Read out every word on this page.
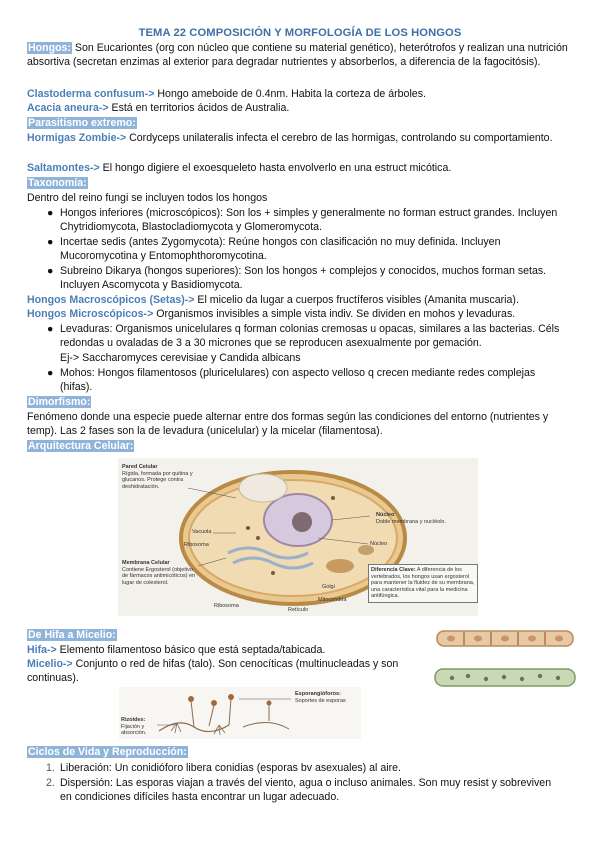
TEMA 22 COMPOSICIÓN Y MORFOLOGÍA DE LOS HONGOS
Hongos: Son Eucariontes (org con núcleo que contiene su material genético), heterótrofos y realizan una nutrición absortiva (secretan enzimas al exterior para degradar nutrientes y absorberlos, a diferencia de la fagocitósis).
Clastoderma confusum-> Hongo ameboide de 0.4nm. Habita la corteza de árboles.
Acacia aneura-> Está en territorios ácidos de Australia.
Parasitismo extremo:
Hormigas Zombie-> Cordyceps unilateralis infecta el cerebro de las hormigas, controlando su comportamiento.
Saltamontes-> El hongo digiere el exoesqueleto hasta envolverlo en una estruct micótica.
Taxonomía:
Dentro del reino fungi se incluyen todos los hongos
● Hongos inferiores (microscópicos): Son los + simples y generalmente no forman estruct grandes. Incluyen Chytridiomycota, Blastocladiomycota y Glomeromycota.
● Incertae sedis (antes Zygomycota): Reúne hongos con clasificación no muy definida. Incluyen Mucoromycotina y Entomophthoromycotina.
● Subreino Dikarya (hongos superiores): Son los hongos + complejos y conocidos, muchos forman setas. Incluyen Ascomycota y Basidiomycota.
Hongos Macroscópicos (Setas)-> El micelio da lugar a cuerpos fructíferos visibles (Amanita muscaria).
Hongos Microscópicos-> Organismos invisibles a simple vista indiv. Se dividen en mohos y levaduras.
● Levaduras: Organismos unicelulares q forman colonias cremosas u opacas, similares a las bacterias. Céls redondas u ovaladas de 3 a 30 micrones que se reproducen asexualmente por gemación.
Ej-> Saccharomyces cerevisiae y Candida albicans
● Mohos: Hongos filamentosos (pluricelulares) con aspecto velloso q crecen mediante redes complejas (hifas).
Dimorfismo:
Fenómeno donde una especie puede alternar entre dos formas según las condiciones del entorno (nutrientes y temp). Las 2 fases son la de levadura (unicelular) y la micelar (filamentosa).
Arquitectura Celular:
Pared Celular
Rígida, formada por quitina y glucanos. Protege contra deshidratación.
Vacuola
Ribosoma
Membrana Celular
Contiene Ergosterol (objetivo de fármacos antimicóticos) en lugar de colesterol.
Ribosoma
Retículo
Golgi
Mitocondria
Núcleo
Doble membrana y nucléolo.
Núcleo
Diferencia Clave: A diferencia de los vertebrados, los hongos usan ergosterol para mantener la fluidez de su membrana, una característica vital para la medicina antifúngica.
De Hifa a Micelio:
Hifa-> Elemento filamentoso básico que está septada/tabicada.
Micelio-> Conjunto o red de hifas (talo). Son cenocíticas (multinucleadas y son continuas).
Rizoides: Fijación y absorción.
Esporangióforos:
Soportes de esporas
Ciclos de Vida y Reproducción:
1. Liberación: Un conidióforo libera conidias (esporas bv asexuales) al aire.
2. Dispersión: Las esporas viajan a través del viento, agua o incluso animales. Son muy resist y sobreviven en condiciones difíciles hasta encontrar un lugar adecuado.
